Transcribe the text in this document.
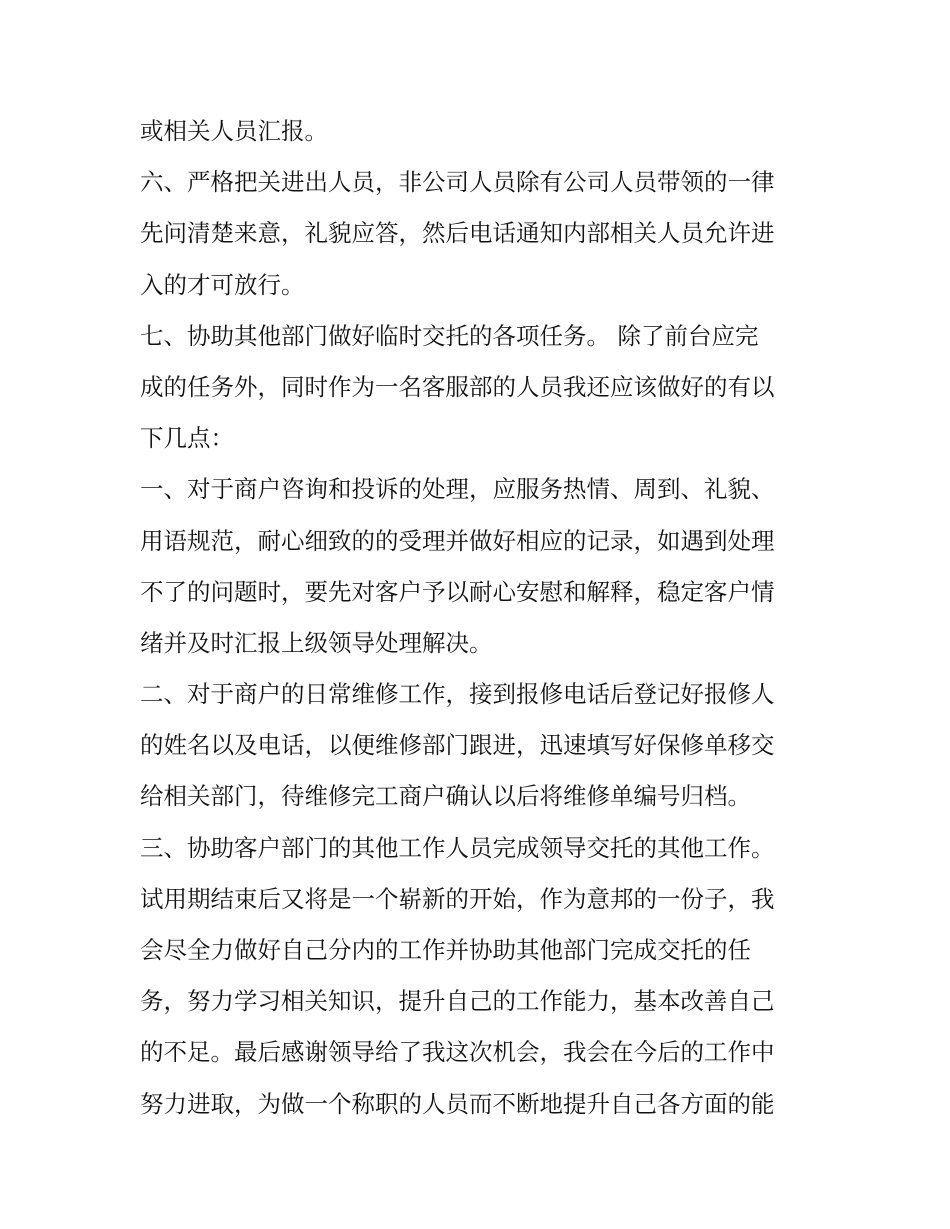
或相关人员汇报。
六、严格把关进出人员，非公司人员除有公司人员带领的一律
先问清楚来意，礼貌应答，然后电话通知内部相关人员允许进
入的才可放行。
七、协助其他部门做好临时交托的各项任务。 除了前台应完
成的任务外，同时作为一名客服部的人员我还应该做好的有以
下几点：
一、对于商户咨询和投诉的处理，应服务热情、周到、礼貌、
用语规范，耐心细致的的受理并做好相应的记录，如遇到处理
不了的问题时，要先对客户予以耐心安慰和解释，稳定客户情
绪并及时汇报上级领导处理解决。
二、对于商户的日常维修工作，接到报修电话后登记好报修人
的姓名以及电话，以便维修部门跟进，迅速填写好保修单移交
给相关部门，待维修完工商户确认以后将维修单编号归档。
三、协助客户部门的其他工作人员完成领导交托的其他工作。
试用期结束后又将是一个崭新的开始，作为意邦的一份子，我
会尽全力做好自己分内的工作并协助其他部门完成交托的任
务，努力学习相关知识，提升自己的工作能力，基本改善自己
的不足。最后感谢领导给了我这次机会，我会在今后的工作中
努力进取，为做一个称职的人员而不断地提升自己各方面的能
